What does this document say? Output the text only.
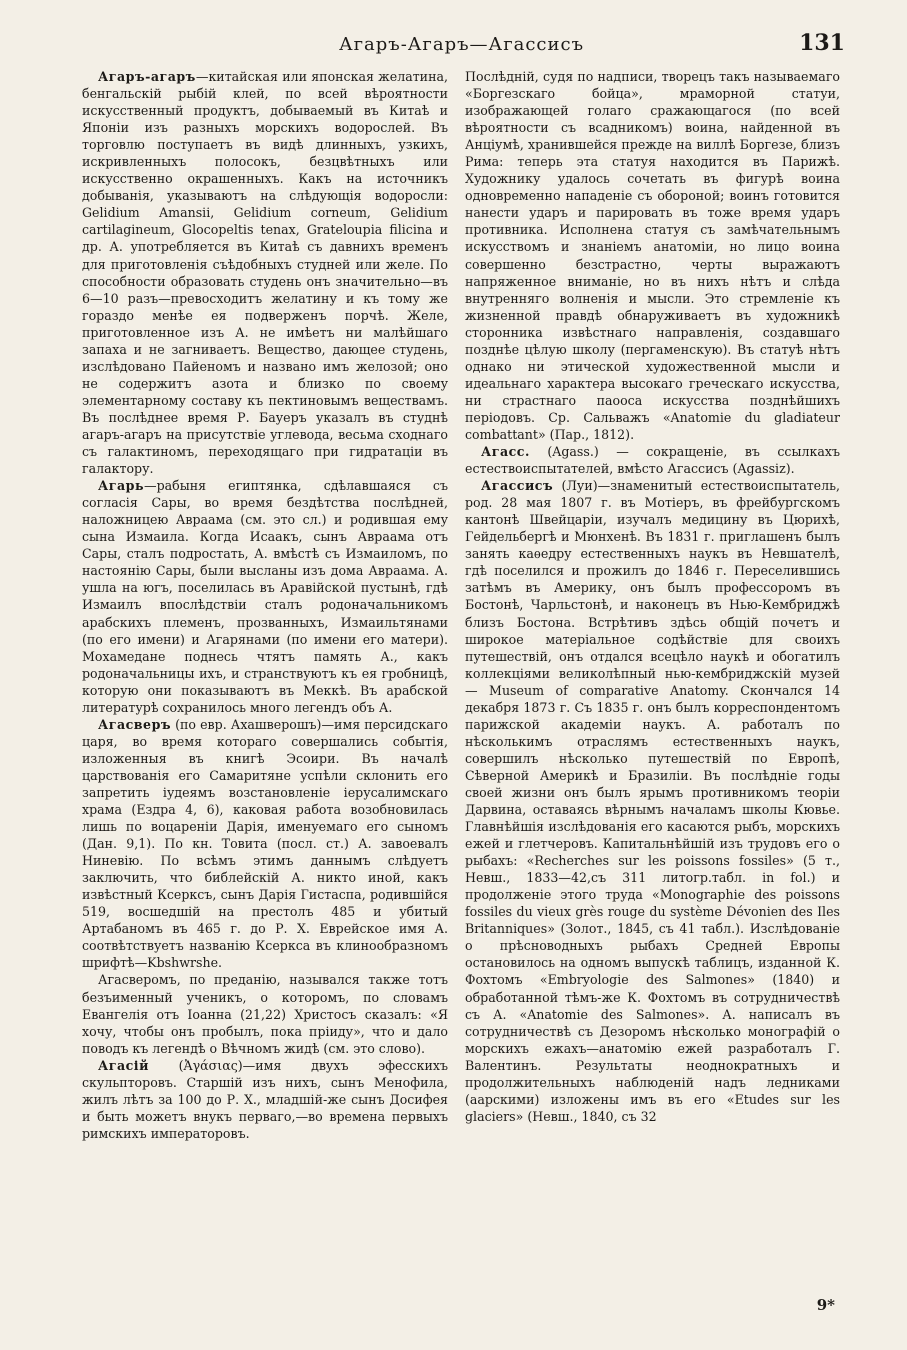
Агаръ-Агаръ—Агассисъ	131

Агаръ-агаръ—китайская или японская желатина, бенгальскій рыбій клей, по всей вѣроятности искусственный продуктъ, добываемый въ Китаѣ и Японіи изъ разныхъ морскихъ водорослей. Въ торговлю поступаетъ въ видѣ длинныхъ, узкихъ, искривленныхъ полосокъ, безцвѣтныхъ или искусственно окрашенныхъ. Какъ на источникъ добыванія, указываютъ на слѣдующія водоросли: Gelidium Amansii, Gelidium corneum, Gelidium cartilagineum, Glocopeltis tenax, Grateloupia filicina и др. А. употребляется въ Китаѣ съ давнихъ временъ для приготовленія съѣдобныхъ студней или желе. По способности образовать студень онъ значительно—въ 6—10 разъ—превосходитъ желатину и къ тому же гораздо менѣе ея подверженъ порчѣ. Желе, приготовленное изъ А. не имѣетъ ни малѣйшаго запаха и не загниваетъ. Вещество, дающее студень, изслѣдовано Пайеномъ и названо имъ желозой; оно не содержитъ азота и близко по своему элементарному составу къ пектиновымъ веществамъ. Въ послѣднее время Р. Бауеръ указалъ въ студнѣ агаръ-агаръ на присутствіе углевода, весьма сходнаго съ галактиномъ, переходящаго при гидратаціи въ галактору.

Агарь—рабыня египтянка, сдѣлавшаяся съ согласія Сары, во время бездѣтства послѣдней, наложницею Авраама (см. это сл.) и родившая ему сына Измаила. Когда Исаакъ, сынъ Авраама отъ Сары, сталъ подростать, А. вмѣстѣ съ Измаиломъ, по настоянію Сары, были высланы изъ дома Авраама. А. ушла на югъ, поселилась въ Аравійской пустынѣ, гдѣ Измаилъ впослѣдствіи сталъ родоначальникомъ арабскихъ племенъ, прозванныхъ, Измаильтянами (по его имени) и Агарянами (по имени его матери). Мохамедане поднесь чтятъ память А., какъ родоначальницы ихъ, и странствуютъ къ ея гробницѣ, которую они показываютъ въ Меккѣ. Въ арабской литературѣ сохранилось много легендъ объ А.

Агасверъ (по евр. Ахашверошъ)—имя персидскаго царя, во время котораго совершались событія, изложенныя въ книгѣ Эсоири. Въ началѣ царствованія его Самаритяне успѣли склонить его запретить іудеямъ возстановленіе іерусалимскаго храма (Ездра 4, 6), каковая работа возобновилась лишь по воцареніи Дарія, именуемаго его сыномъ (Дан. 9,1). По кн. Товита (посл. ст.) А. завоевалъ Ниневію. По всѣмъ этимъ даннымъ слѣдуетъ заключить, что библейскій А. никто иной, какъ извѣстный Ксерксъ, сынъ Дарія Гистаспа, родившійся 519, восшедшій на престолъ 485 и убитый Артабаномъ въ 465 г. до Р. Х. Еврейское имя А. соотвѣтствуетъ названію Ксеркса въ клинообразномъ шрифтѣ—Kbshwrshe.

Агасверомъ, по преданію, назывался также тотъ безъименный ученикъ, о которомъ, по словамъ Евангелія отъ Іоанна (21,22) Христосъ сказалъ: «Я хочу, чтобы онъ пробылъ, пока пріиду», что и дало поводъ къ легендѣ о Вѣчномъ жидѣ (см. это слово).

Агасій (Ἀγάσιας)—имя двухъ эфесскихъ скульпторовъ. Старшій изъ нихъ, сынъ Менофила, жилъ лѣтъ за 100 до Р. Х., младшій-же сынъ Досифея и быть можетъ внукъ перваго,—во времена первыхъ римскихъ императоровъ.

Послѣдній, судя по надписи, творецъ такъ называемаго «Боргезскаго бойца», мраморной статуи, изображающей голаго сражающагося (по всей вѣроятности съ всадникомъ) воина, найденной въ Анціумѣ, хранившейся прежде на виллѣ Боргезе, близъ Рима: теперь эта статуя находится въ Парижѣ. Художнику удалось сочетать въ фигурѣ воина одновременно нападеніе съ обороной; воинъ готовится нанести ударъ и парировать въ тоже время ударъ противника. Исполнена статуя съ замѣчательнымъ искусствомъ и знаніемъ анатоміи, но лицо воина совершенно безстрастно, черты выражаютъ напряженное вниманіе, но въ нихъ нѣтъ и слѣда внутренняго волненія и мысли. Это стремленіе къ жизненной правдѣ обнаруживаетъ въ художникѣ сторонника извѣстнаго направленія, создавшаго позднѣе цѣлую школу (пергаменскую). Въ статуѣ нѣтъ однако ни этической художественной мысли и идеальнаго характера высокаго греческаго искусства, ни страстнаго паооса искусства позднѣйшихъ періодовъ. Ср. Сальважъ «Anatomie du gladiateur combattant» (Пар., 1812).

Агасс. (Agass.) — сокращеніе, въ ссылкахъ естествоиспытателей, вмѣсто Агассисъ (Agassiz).

Агассисъ (Луи)—знаменитый естествоиспытатель, род. 28 мая 1807 г. въ Мотіеръ, въ фрейбургскомъ кантонѣ Швейцаріи, изучалъ медицину въ Цюрихѣ, Гейдельбергѣ и Мюнхенѣ. Въ 1831 г. приглашенъ былъ занять каѳедру естественныхъ наукъ въ Невшателѣ, гдѣ поселился и прожилъ до 1846 г. Переселившись затѣмъ въ Америку, онъ былъ профессоромъ въ Бостонѣ, Чарльстонѣ, и наконецъ въ Нью-Кембриджѣ близъ Бостона. Встрѣтивъ здѣсь общій почетъ и широкое матеріальное содѣйствіе для своихъ путешествій, онъ отдался всецѣло наукѣ и обогатилъ коллекціями великолѣпный нью-кембриджскій музей — Museum of comparative Anatomy. Скончался 14 декабря 1873 г. Съ 1835 г. онъ былъ корреспондентомъ парижской академіи наукъ. А. работалъ по нѣсколькимъ отраслямъ естественныхъ наукъ, совершилъ нѣсколько путешествій по Европѣ, Сѣверной Америкѣ и Бразиліи. Въ послѣдніе годы своей жизни онъ былъ ярымъ противникомъ теоріи Дарвина, оставаясь вѣрнымъ началамъ школы Кювье. Главнѣйшія изслѣдованія его касаются рыбъ, морскихъ ежей и глетчеровъ. Капитальнѣйшій изъ трудовъ его о рыбахъ: «Recherches sur les poissons fossiles» (5 т., Невш., 1833—42,съ 311 литогр.табл. in fol.) и продолженіе этого труда «Monographie des poissons fossiles du vieux grès rouge du système Dévonien des Iles Britanniques» (Золот., 1845, съ 41 табл.). Изслѣдованіе о прѣсноводныхъ рыбахъ Средней Европы остановилось на одномъ выпускѣ таблицъ, изданной К. Фохтомъ «Embryologie des Salmones» (1840) и обработанной тѣмъ-же К. Фохтомъ въ сотрудничествѣ съ А. «Anatomie des Salmones». А. написалъ въ сотрудничествѣ съ Дезоромъ нѣсколько монографій о морскихъ ежахъ—анатомію ежей разработалъ Г. Валентинъ. Результаты неоднократныхъ и продолжительныхъ наблюденій надъ ледниками (аарскими) изложены имъ въ его «Etudes sur les glaciers» (Невш., 1840, съ 32

9*
